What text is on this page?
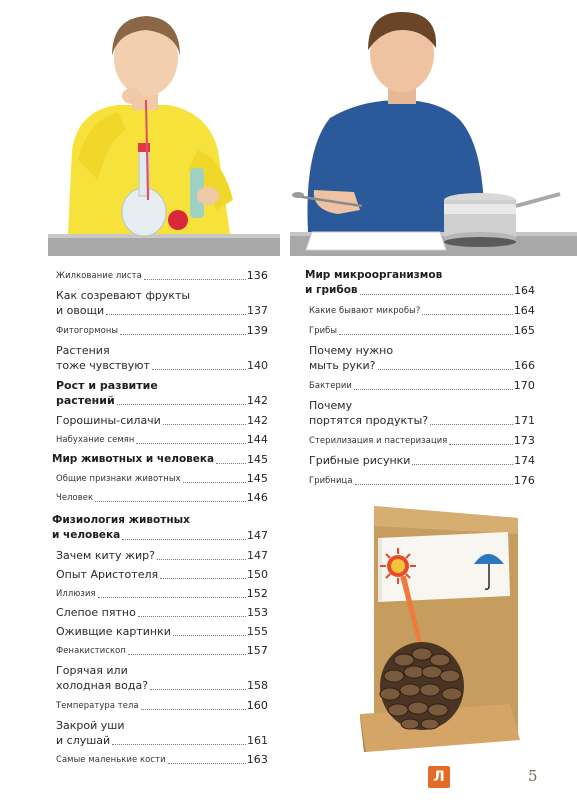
Жилкование листа	136
Как созревают фрукты
и овощи	137
Фитогормоны	139
Растения
тоже чувствуют	140
Рост и развитие
растений	142
Горошины-силачи	142
Набухание семян	144
Мир животных и человека	145
Общие признаки животных	145
Человек	146
Физиология животных
и человека	147
Зачем киту жир?	147
Опыт Аристотеля	150
Иллюзия	152
Слепое пятно	153
Оживщие картинки	155
Фенакистископ	157
Горячая или
холодная вода?	158
Температура тела	160
Закрой уши
и слушай	161
Самые маленькие кости	163
Мир микроорганизмов
и грибов	164
Какие бывают микробы?	164
Грибы	165
Почему нужно
мыть руки?	166
Бактерии	170
Почему
портятся продукты?	171
Стерилизация и пастеризация	173
Грибные рисунки	174
Грибница	176
Л	5
